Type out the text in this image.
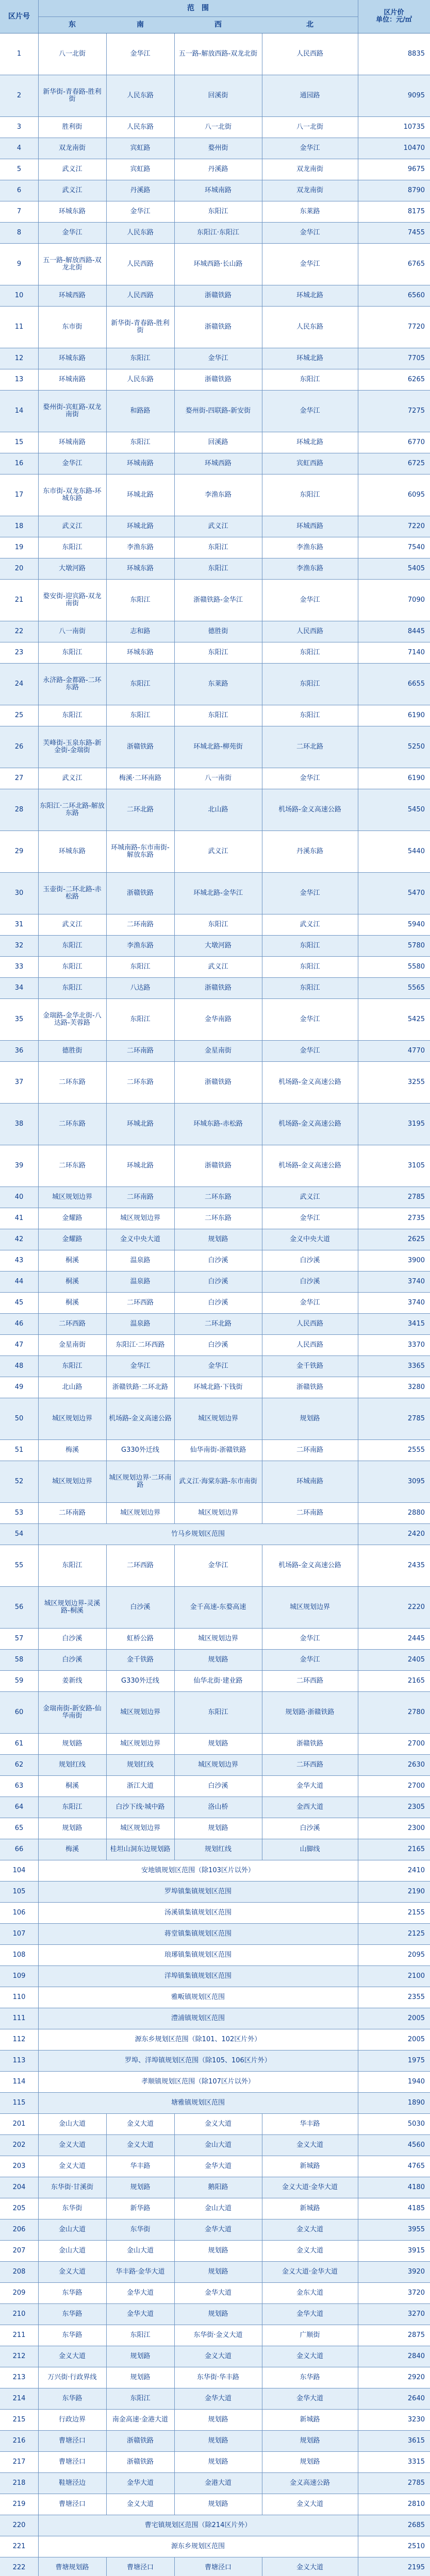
区片号
范　围
东	南	西	北
区片价
单位：元/㎡
1	八一北街	金华江	五一路-解放西路-双龙北街	人民西路	8835
2	新华街-青春路-胜利街	人民东路	回溪街	通园路	9095
3	胜利街	人民东路	八一北街	八一北街	10735
4	双龙南街	宾虹路	婺州街	金华江	10470
5	武义江	宾虹路	丹溪路	双龙南街	9675
6	武义江	丹溪路	环城南路	双龙南街	8790
7	环城东路	金华江	东阳江	东莱路	8175
8	金华江	人民东路	东阳江·东阳江	金华江	7455
9	五一路-解放西路-双龙北街	人民西路	环城西路·长山路	金华江	6765
10	环城西路	人民西路	浙赣铁路	环城北路	6560
11	东市街	新华街-青春路-胜利街	浙赣铁路	人民东路	7720
12	环城东路	东阳江	金华江	环城北路	7705
13	环城南路	人民东路	浙赣铁路	东阳江	6265
14	婺州街-宾虹路-双龙南街	和路路	婺州街-四联路-新安街	金华江	7275
15	环城南路	东阳江	回溪路	环城北路	6770
16	金华江	环城南路	环城西路	宾虹西路	6725
17	东市街-双龙东路-环城东路	环城北路	李渔东路	东阳江	6095
18	武义江	环城北路	武义江	环城西路	7220
19	东阳江	李渔东路	东阳江	李渔东路	7540
20	大墩河路	环城东路	东阳江	李渔东路	5405
21	婺安街-迎宾路-双龙南街	东阳江	浙赣铁路-金华江	金华江	7090
22	八一南街	志和路	德胜街	人民西路	8445
23	东阳江	环城东路	东阳江	东阳江	7140
24	永济路-金都路-二环东路	东阳江	东莱路	东阳江	6655
25	东阳江	东阳江	东阳江	东阳江	6190
26	芙峰街-玉泉东路-新金街-金瑞街	浙赣铁路	环城北路-柳苑街	二环北路	5250
27	武义江	梅溪·二环南路	八一南街	金华江	6190
28	东阳江·二环北路-解放东路	二环北路	北山路	机场路-金义高速公路	5450
29	环城东路	环城南路-东市南街-解放东路	武义江	丹溪东路	5440
30	玉壶街-二环北路-赤松路	浙赣铁路	环城北路-金华江	金华江	5470
31	武义江	二环南路	东阳江	武义江	5940
32	东阳江	李渔东路	大墩河路	东阳江	5780
33	东阳江	东阳江	武义江	东阳江	5580
34	东阳江	八达路	浙赣铁路	东阳江	5565
35	金瑞路-金华北街-八达路-芙蓉路	东阳江	金华南路	金华江	5425
36	德胜街	二环南路	金星南街	金华江	4770
37	二环东路	二环东路	浙赣铁路	机场路-金义高速公路	3255
38	二环东路	环城北路	环城东路-赤松路	机场路-金义高速公路	3195
39	二环东路	环城北路	浙赣铁路	机场路-金义高速公路	3105
40	城区规划边界	二环南路	二环东路	武义江	2785
41	金耀路	城区规划边界	二环东路	金华江	2735
42	金耀路	金义中央大道	规划路	金义中央大道	2625
43	桐溪	温泉路	白沙溪	白沙溪	3900
44	桐溪	温泉路	白沙溪	白沙溪	3740
45	桐溪	二环西路	白沙溪	金华江	3740
46	二环西路	温泉路	二环北路	人民西路	3415
47	金星南街	东阳江·二环西路	白沙溪	人民西路	3370
48	东阳江	金华江	金华江	金千铁路	3365
49	北山路	浙赣铁路·二环北路	环城北路·下钱街	浙赣铁路	3280
50	城区规划边界	机场路-金义高速公路	城区规划边界	规划路	2785
51	梅溪	G330外迁线	仙华南街-浙赣铁路	二环南路	2555
52	城区规划边界	城区规划边界·二环南路	武义江·海棠东路-东市南街	环城南路	3095
53	二环南路	城区规划边界	城区规划边界	二环南路	2880
54	竹马乡规划区范围	2420
55	东阳江	二环西路	金华江	机场路-金义高速公路	2435
56	城区规划边界-灵溪路-桐溪	白沙溪	金千高速-东婺高速	城区规划边界	2220
57	白沙溪	虹桥公路	城区规划边界	金华江	2445
58	白沙溪	金千铁路	规划路	金华江	2405
59	姜新线	G330外迁线	仙华北街·建业路	二环西路	2165
60	金瑞南街-新安路-仙华南街	城区规划边界	东阳江	规划路·浙赣铁路	2780
61	规划路	城区规划边界	规划路	浙赣铁路	2700
62	规划红线	规划红线	城区规划边界	二环西路	2630
63	桐溪	浙江大道	白沙溪	金华大道	2700
64	东阳江	白沙下线·城中路	洛山桥	金西大道	2305
65	规划路	城区规划边界	规划路	白沙溪	2300
66	梅溪	桂坦山洞东边规划路	规划红线	山脚线	2165
104	安地镇规划区范围（除103区片以外）	2410
105	罗埠镇集镇规划区范围	2190
106	汤溪镇集镇规划区范围	2155
107	蒋堂镇集镇规划区范围	2125
108	琅琊镇集镇规划区范围	2095
109	洋埠镇集镇规划区范围	2100
110	雅畈镇规划区范围	2355
111	澧浦镇规划区范围	2005
112	源东乡规划区范围（除101、102区片外）	2005
113	罗埠、洋埠镇规划区范围（除105、106区片外）	1975
114	孝顺镇规划区范围（除107区片以外）	1940
115	塘雅镇规划区范围	1890
201	金山大道	金义大道	金义大道	华丰路	5030
202	金义大道	金义大道	金山大道	金义大道	4560
203	金义大道	华丰路	金华大道	新城路	4765
204	东华街·甘溪街	规划路	鹅阳路	金义大道·金华大道	4180
205	东华街	新华路	金山大道	新城路	4185
206	金山大道	东华街	金华大道	金义大道	3955
207	金山大道	金山大道	规划路	金义大道	3915
208	金义大道	华丰路·金华大道	规划路	金义大道·金华大道	3920
209	东华路	金华大道	金华大道	金东大道	3720
210	东华路	金华大道	规划路	金华大道	3270
211	东华路	东阳江	东华街·金义大道	广顺街	2875
212	金义大道	规划路	金义大道	金义大道	2840
213	万兴街·行政界线	规划路	东华街·华丰路	东华路	2920
214	东华路	东阳江	金华大道	金华大道	2640
215	行政边界	南金高速·金港大道	规划路	新城路	3230
216	曹塘泾口	浙赣铁路	规划路	规划路	3615
217	曹塘泾口	浙赣铁路	规划路	规划路	3315
218	鞋塘泾边	金华大道	金港大道	金义高速公路	2785
219	曹塘泾口	金义大道	规划路	金义大道	2810
220	曹宅镇规划区范围（除214区片外）	2685
221	源东乡规划区范围	2510
222	曹塘规划路	曹塘泾口	曹塘泾口	金义大道	2195
